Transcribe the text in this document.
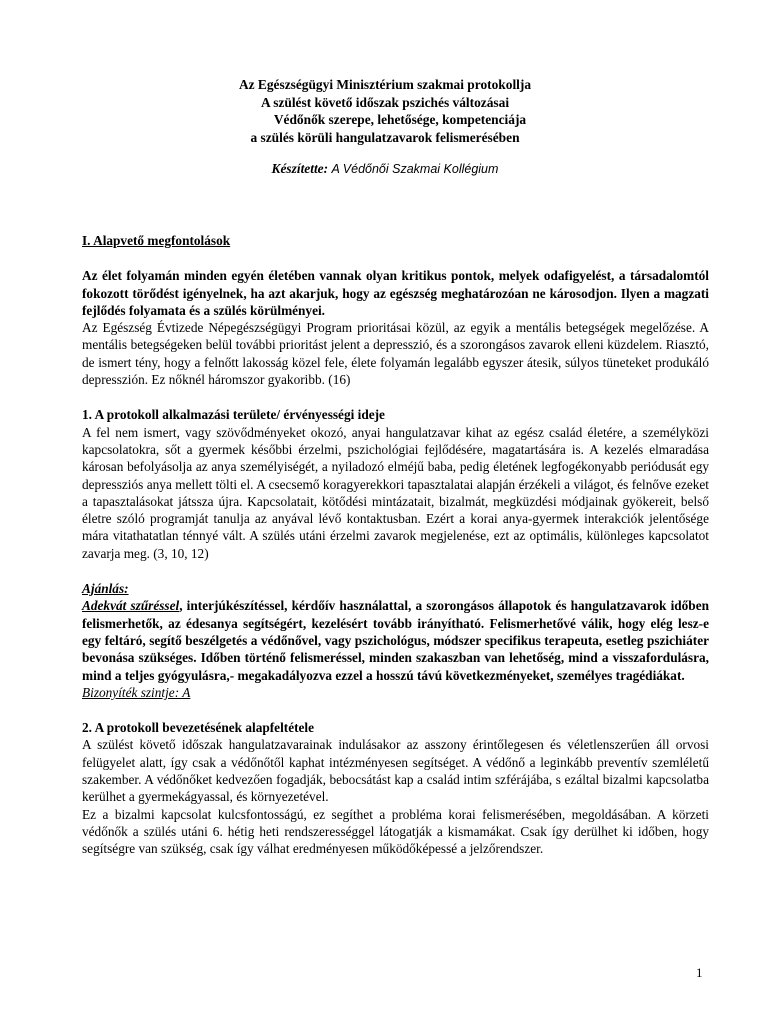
Az Egészségügyi Minisztérium szakmai protokollja
A szülést követő időszak pszichés változásai
Védőnők szerepe, lehetősége, kompetenciája
a szülés körüli hangulatzavarok felismerésében
Készítette: A Védőnői Szakmai Kollégium
I. Alapvető megfontolások

Az élet folyamán minden egyén életében vannak olyan kritikus pontok, melyek odafigyelést, a társadalomtól fokozott törődést igényelnek, ha azt akarjuk, hogy az egészség meghatározóan ne károsodjon. Ilyen a magzati fejlődés folyamata és a szülés körülményei.

Az Egészség Évtizede Népegészségügyi Program prioritásai közül, az egyik a mentális betegségek megelőzése. A mentális betegségeken belül további prioritást jelent a depresszió, és a szorongásos zavarok elleni küzdelem. Riasztó, de ismert tény, hogy a felnőtt lakosság közel fele, élete folyamán legalább egyszer átesik, súlyos tüneteket produkáló depresszión. Ez nőknél háromszor gyakoribb. (16)

1. A protokoll alkalmazási területe/ érvényességi ideje

A fel nem ismert, vagy szövődményeket okozó, anyai hangulatzavar kihat az egész család életére, a személyközi kapcsolatokra, sőt a gyermek későbbi érzelmi, pszichológiai fejlődésére, magatartására is. A kezelés elmaradása károsan befolyásolja az anya személyiségét, a nyiladozó elméjű baba, pedig életének legfogékonyabb periódusát egy depressziós anya mellett tölti el. A csecsemő koragyerekkori tapasztalatai alapján érzékeli a világot, és felnőve ezeket a tapasztalásokat játssza újra. Kapcsolatait, kötődési mintázatait, bizalmát, megküzdési módjainak gyökereit, belső életre szóló programját tanulja az anyával lévő kontaktusban. Ezért a korai anya-gyermek interakciók jelentősége mára vitathatatlan ténnyé vált. A szülés utáni érzelmi zavarok megjelenése, ezt az optimális, különleges kapcsolatot zavarja meg. (3, 10, 12)

Ajánlás:

Adekvát szűréssel, interjúkészítéssel, kérdőív használattal, a szorongásos állapotok és hangulatzavarok időben felismerhetők, az édesanya segítségért, kezelésért tovább irányítható. Felismerhetővé válik, hogy elég lesz-e egy feltáró, segítő beszélgetés a védőnővel, vagy pszichológus, módszer specifikus terapeuta, esetleg pszichiáter bevonása szükséges. Időben történő felismeréssel, minden szakaszban van lehetőség, mind a visszafordulásra, mind a teljes gyógyulásra,- megakadályozva ezzel a hosszú távú következményeket, személyes tragédiákat.

Bizonyíték szintje: A

2. A protokoll bevezetésének alapfeltétele

A szülést követő időszak hangulatzavarainak indulásakor az asszony érintőlegesen és véletlenszerűen áll orvosi felügyelet alatt, így csak a védőnőtől kaphat intézményesen segítséget. A védőnő a leginkább preventív szemléletű szakember. A védőnőket kedvezően fogadják, bebocsátást kap a család intim szférájába, s ezáltal bizalmi kapcsolatba kerülhet a gyermekágyassal, és környezetével.

Ez a bizalmi kapcsolat kulcsfontosságú, ez segíthet a probléma korai felismerésében, megoldásában. A körzeti védőnők a szülés utáni 6. hétig heti rendszerességgel látogatják a kismamákat. Csak így derülhet ki időben, hogy segítségre van szükség, csak így válhat eredményesen működőképessé a jelzőrendszer.

1
